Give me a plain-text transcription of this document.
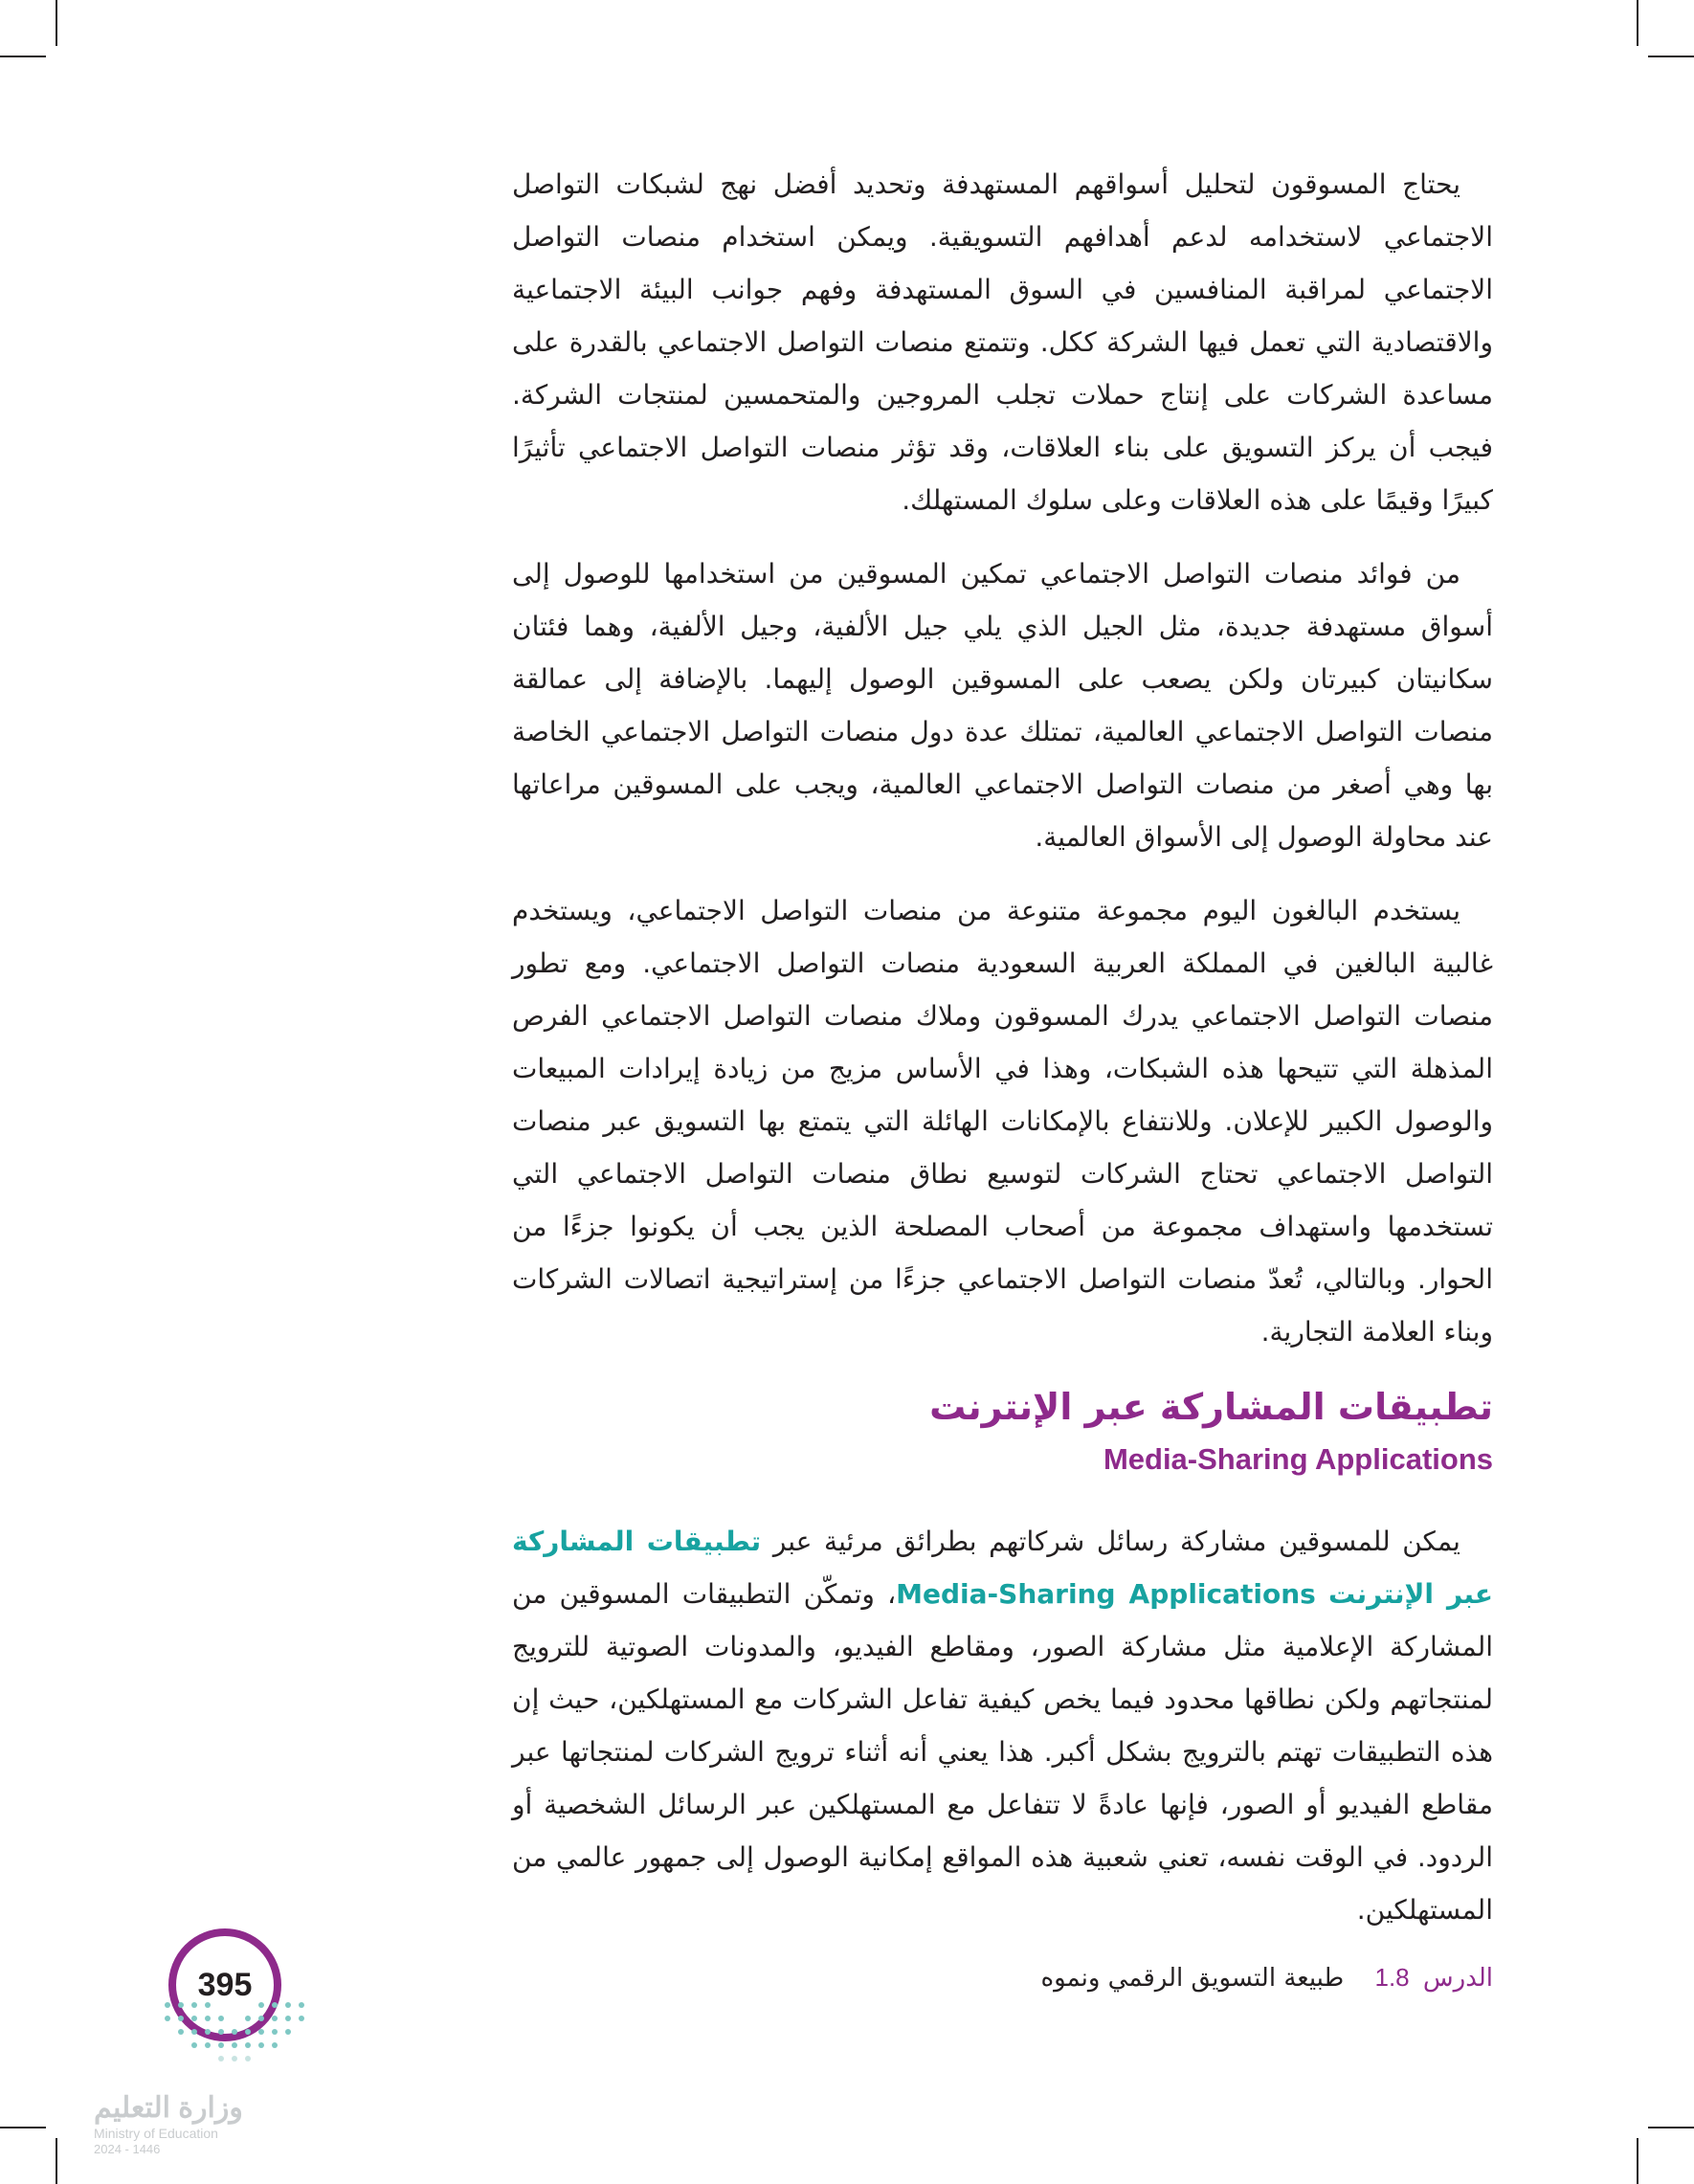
يحتاج المسوقون لتحليل أسواقهم المستهدفة وتحديد أفضل نهج لشبكات التواصل الاجتماعي لاستخدامه لدعم أهدافهم التسويقية. ويمكن استخدام منصات التواصل الاجتماعي لمراقبة المنافسين في السوق المستهدفة وفهم جوانب البيئة الاجتماعية والاقتصادية التي تعمل فيها الشركة ككل. وتتمتع منصات التواصل الاجتماعي بالقدرة على مساعدة الشركات على إنتاج حملات تجلب المروجين والمتحمسين لمنتجات الشركة. فيجب أن يركز التسويق على بناء العلاقات، وقد تؤثر منصات التواصل الاجتماعي تأثيرًا كبيرًا وقيمًا على هذه العلاقات وعلى سلوك المستهلك.

من فوائد منصات التواصل الاجتماعي تمكين المسوقين من استخدامها للوصول إلى أسواق مستهدفة جديدة، مثل الجيل الذي يلي جيل الألفية، وجيل الألفية، وهما فئتان سكانيتان كبيرتان ولكن يصعب على المسوقين الوصول إليهما. بالإضافة إلى عمالقة منصات التواصل الاجتماعي العالمية، تمتلك عدة دول منصات التواصل الاجتماعي الخاصة بها وهي أصغر من منصات التواصل الاجتماعي العالمية، ويجب على المسوقين مراعاتها عند محاولة الوصول إلى الأسواق العالمية.

يستخدم البالغون اليوم مجموعة متنوعة من منصات التواصل الاجتماعي، ويستخدم غالبية البالغين في المملكة العربية السعودية منصات التواصل الاجتماعي. ومع تطور منصات التواصل الاجتماعي يدرك المسوقون وملاك منصات التواصل الاجتماعي الفرص المذهلة التي تتيحها هذه الشبكات، وهذا في الأساس مزيج من زيادة إيرادات المبيعات والوصول الكبير للإعلان. وللانتفاع بالإمكانات الهائلة التي يتمتع بها التسويق عبر منصات التواصل الاجتماعي تحتاج الشركات لتوسيع نطاق منصات التواصل الاجتماعي التي تستخدمها واستهداف مجموعة من أصحاب المصلحة الذين يجب أن يكونوا جزءًا من الحوار. وبالتالي، تُعدّ منصات التواصل الاجتماعي جزءًا من إستراتيجية اتصالات الشركات وبناء العلامة التجارية.

تطبيقات المشاركة عبر الإنترنت
Media-Sharing Applications

يمكن للمسوقين مشاركة رسائل شركاتهم بطرائق مرئية عبر تطبيقات المشاركة عبر الإنترنت Media-Sharing Applications، وتمكّن التطبيقات المسوقين من المشاركة الإعلامية مثل مشاركة الصور، ومقاطع الفيديو، والمدونات الصوتية للترويج لمنتجاتهم ولكن نطاقها محدود فيما يخص كيفية تفاعل الشركات مع المستهلكين، حيث إن هذه التطبيقات تهتم بالترويج بشكل أكبر. هذا يعني أنه أثناء ترويج الشركات لمنتجاتها عبر مقاطع الفيديو أو الصور، فإنها عادةً لا تتفاعل مع المستهلكين عبر الرسائل الشخصية أو الردود. في الوقت نفسه، تعني شعبية هذه المواقع إمكانية الوصول إلى جمهور عالمي من المستهلكين.

الدرس 1.8 طبيعة التسويق الرقمي ونموه
395
وزارة التعليم
Ministry of Education
2024 - 1446
